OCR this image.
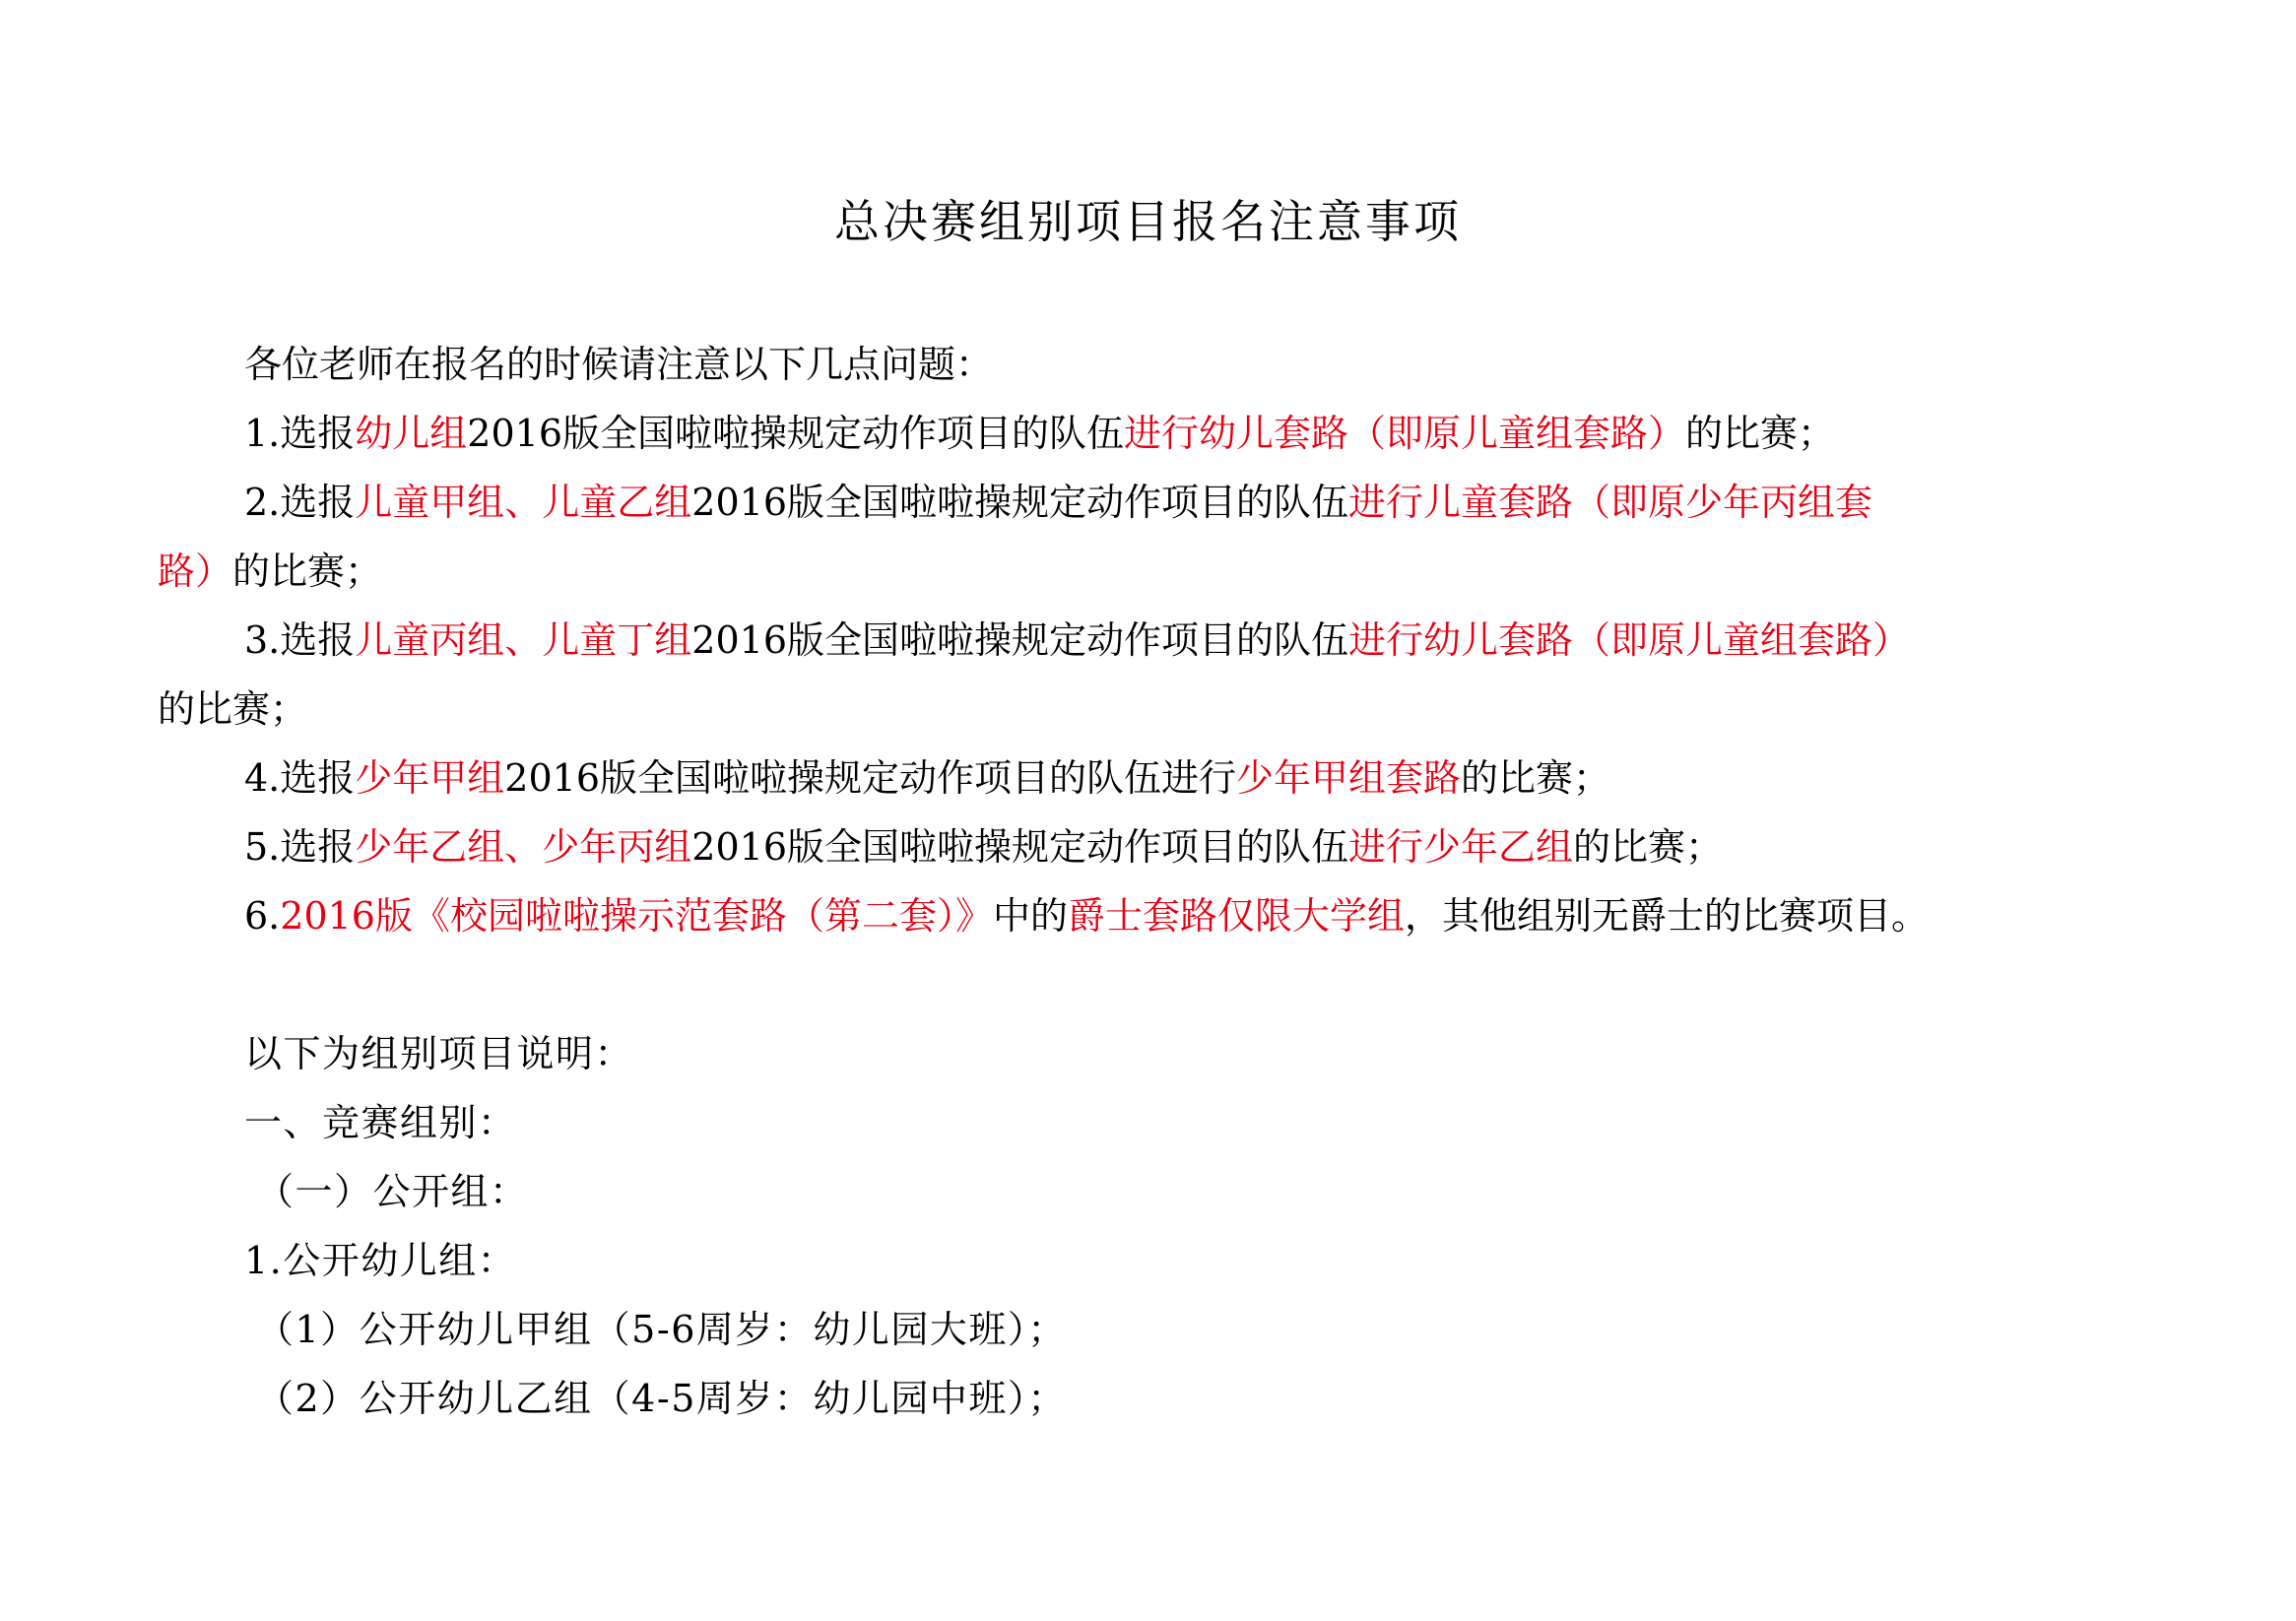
总决赛组别项目报名注意事项
各位老师在报名的时候请注意以下几点问题：
1.选报幼儿组2016版全国啦啦操规定动作项目的队伍进行幼儿套路（即原儿童组套路）的比赛；
2.选报儿童甲组、儿童乙组2016版全国啦啦操规定动作项目的队伍进行儿童套路（即原少年丙组套
路）的比赛；
3.选报儿童丙组、儿童丁组2016版全国啦啦操规定动作项目的队伍进行幼儿套路（即原儿童组套路）
的比赛；
4.选报少年甲组2016版全国啦啦操规定动作项目的队伍进行少年甲组套路的比赛；
5.选报少年乙组、少年丙组2016版全国啦啦操规定动作项目的队伍进行少年乙组的比赛；
6.2016版《校园啦啦操示范套路（第二套）》中的爵士套路仅限大学组，其他组别无爵士的比赛项目。
以下为组别项目说明：
一、竞赛组别：
（一）公开组：
1.公开幼儿组：
（1）公开幼儿甲组（5-6周岁：幼儿园大班）；
（2）公开幼儿乙组（4-5周岁：幼儿园中班）；
